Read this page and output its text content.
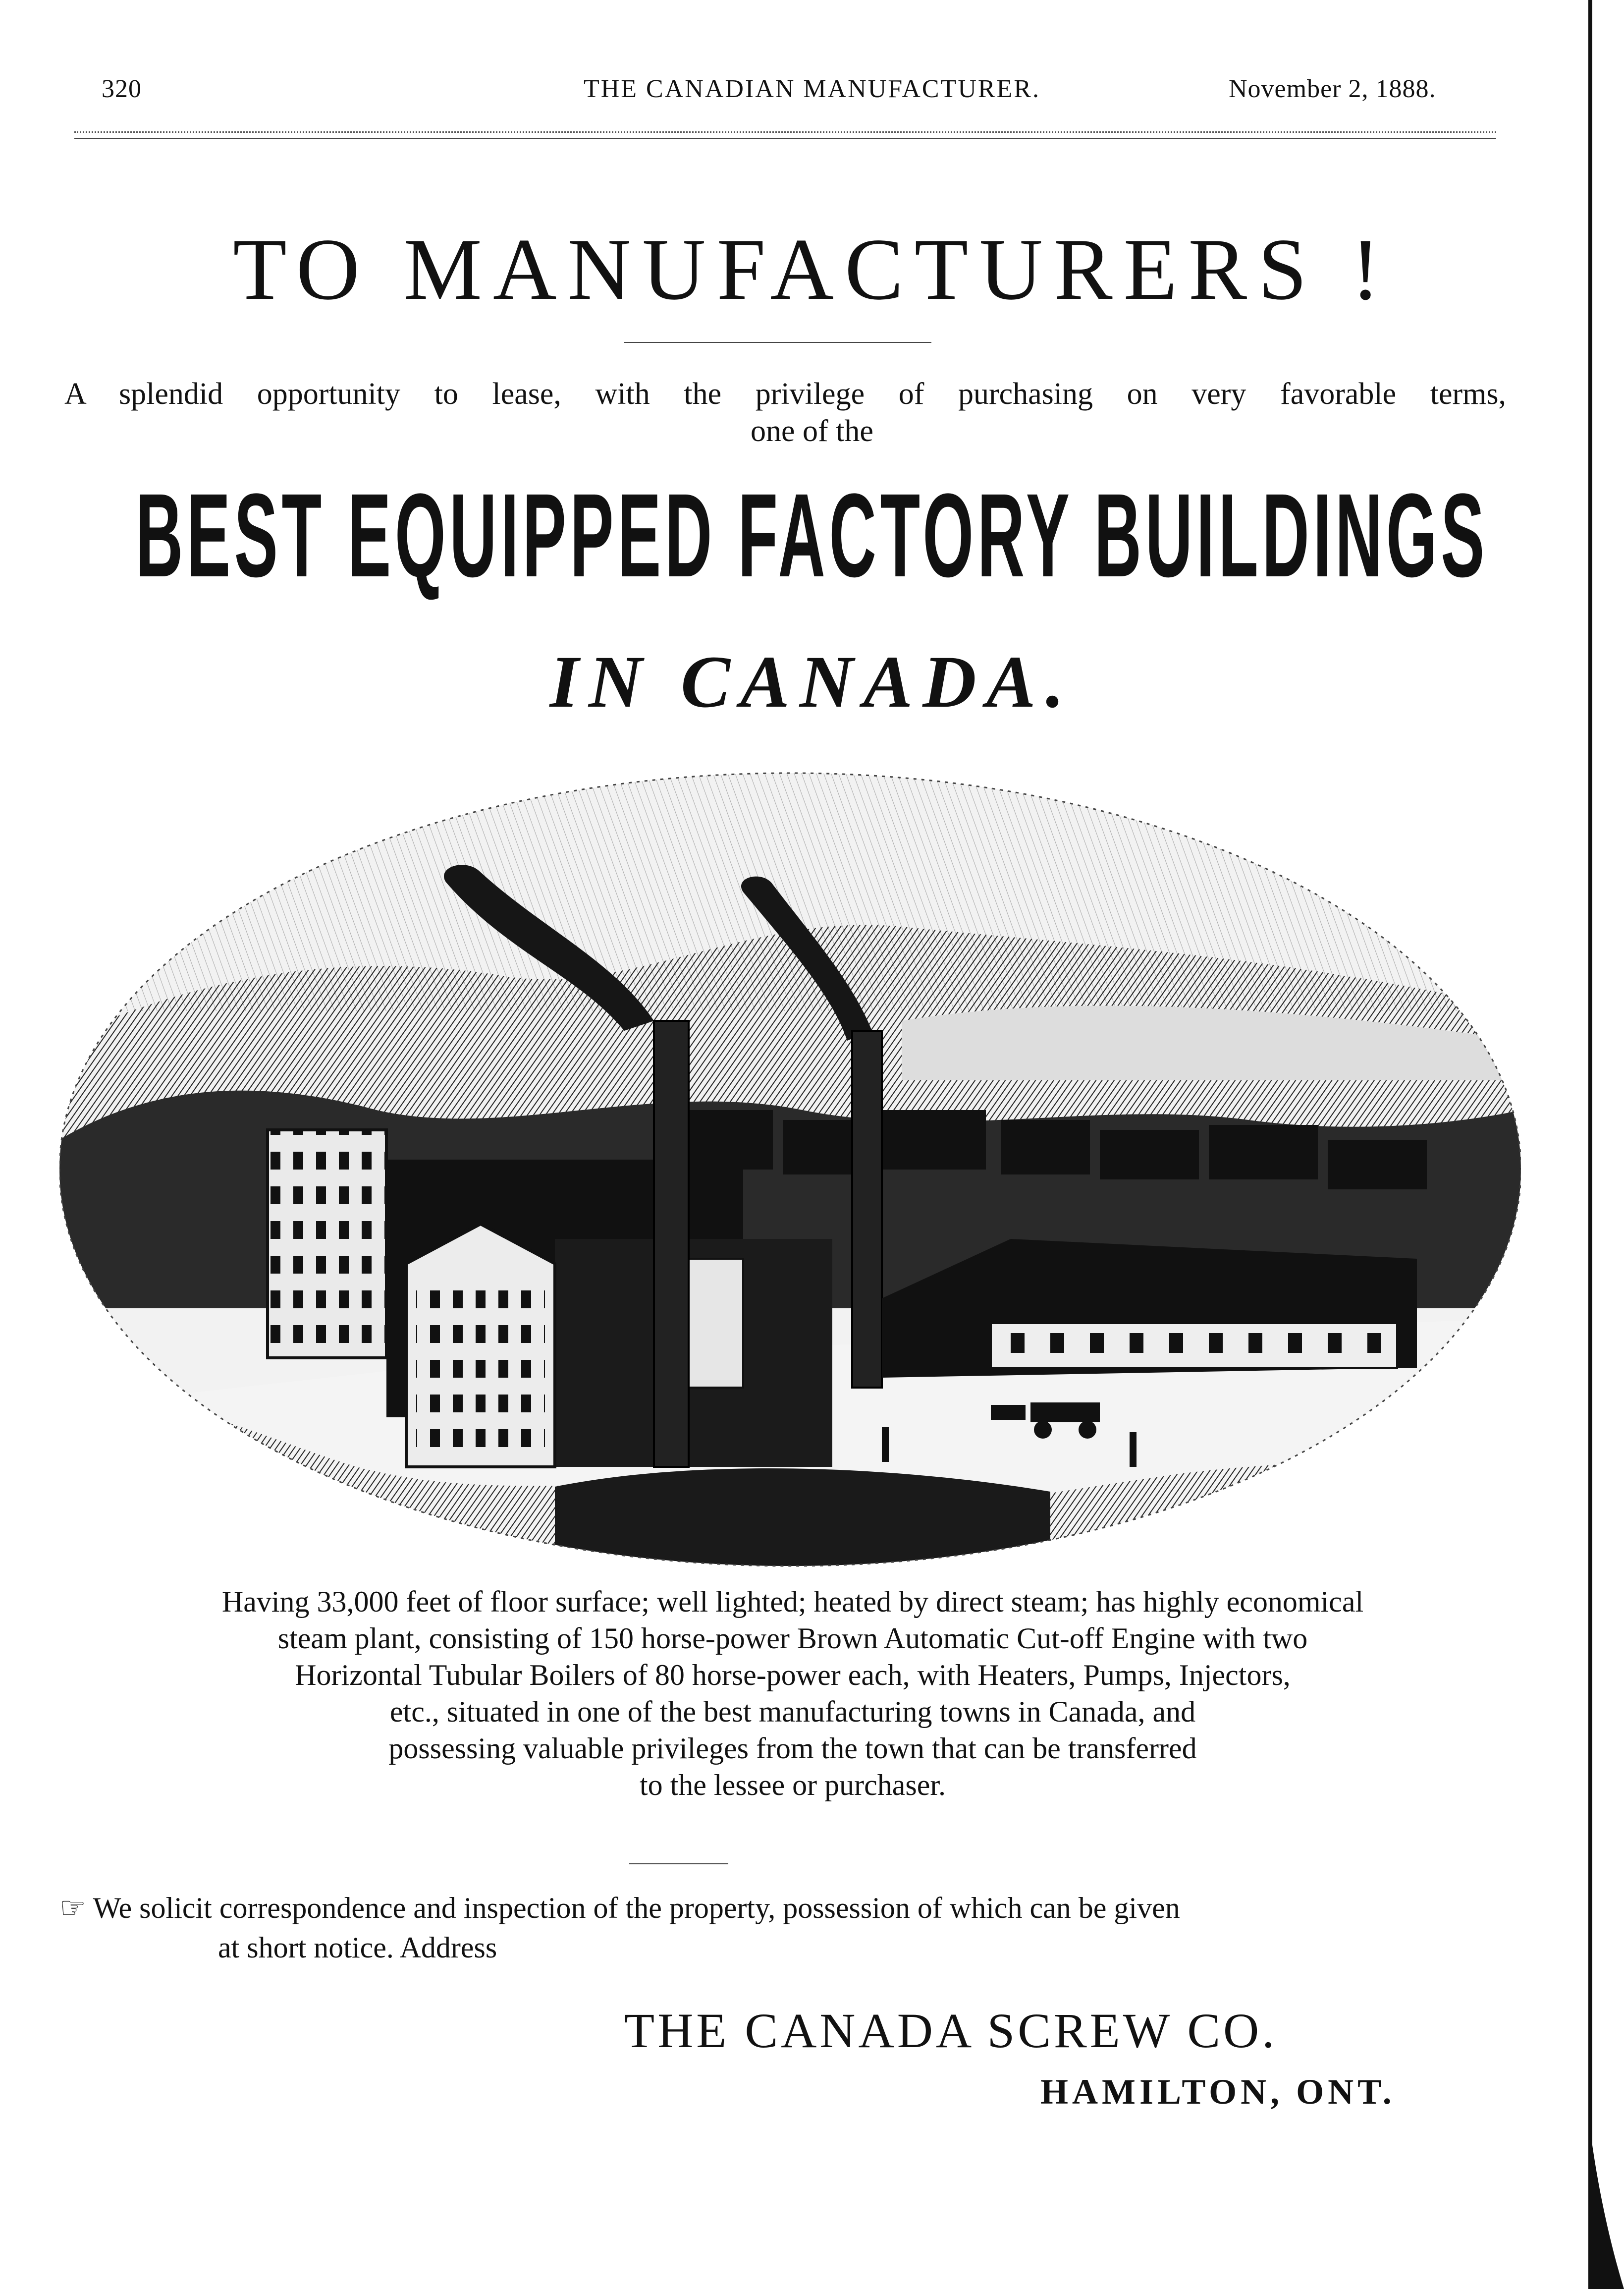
320	THE CANADIAN MANUFACTURER.	November 2, 1888.
TO MANUFACTURERS !
A splendid opportunity to lease, with the privilege of purchasing on very favorable terms,
one of the
BEST EQUIPPED FACTORY BUILDINGS
IN CANADA.
Having 33,000 feet of floor surface; well lighted; heated by direct steam; has highly economical
steam plant, consisting of 150 horse-power Brown Automatic Cut-off Engine with two
Horizontal Tubular Boilers of 80 horse-power each, with Heaters, Pumps, Injectors,
etc., situated in one of the best manufacturing towns in Canada, and
possessing valuable privileges from the town that can be transferred
to the lessee or purchaser.
☞ We solicit correspondence and inspection of the property, possession of which can be given
at short notice. Address
THE CANADA SCREW CO.
HAMILTON, ONT.
